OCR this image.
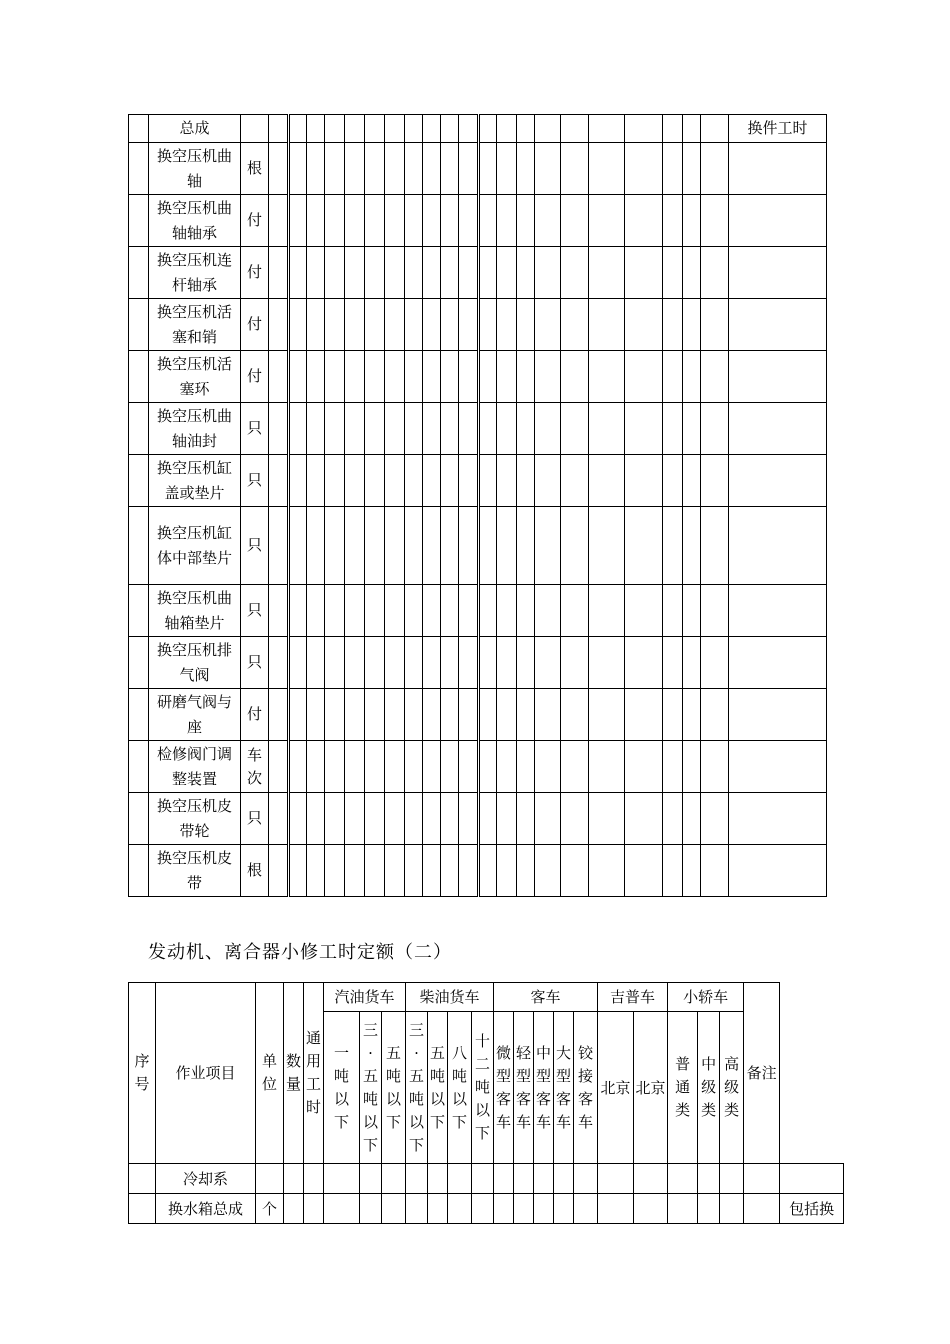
	总成																							换件工时
	换空压机曲轴	根																						

	换空压机曲轴轴承	付																						

	换空压机连杆轴承	付																						

	换空压机活塞和销	付																						

	换空压机活塞环	付																						

	换空压机曲轴油封	只																						

	换空压机缸盖或垫片	只																						

	换空压机缸体中部垫片	只																						

	换空压机曲轴箱垫片	只																						

	换空压机排气阀	只																						

	研磨气阀与座	付																						

	检修阀门调整装置	车次																						

	换空压机皮带轮	只																						

	换空压机皮带	根																						

发动机、离合器小修工时定额（二）
序号	作业项目	单位	数量	通用工时	汽油货车			柴油货车				客车					吉普车		小轿车			备注	

					一吨以下	三·五吨以下	五吨以下	三·五吨以下	五吨以下	八吨以下	十二吨以下	微型客车	轻型客车	中型客车	大型客车	铰接客车	北京	北京	普通类	中级类	高级类		

	冷却系																						
	换水箱总成	个																					包括换
